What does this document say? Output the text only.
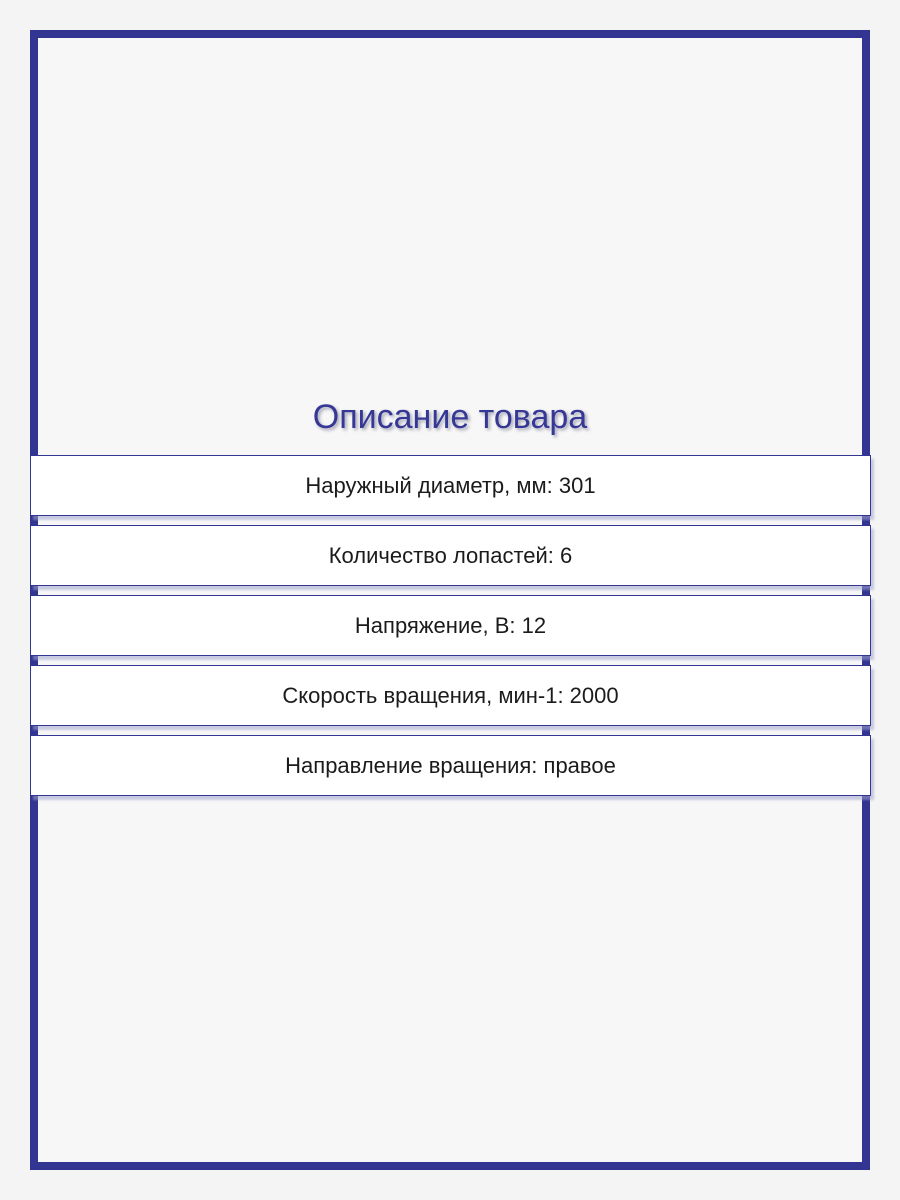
Описание товара
Наружный диаметр, мм: 301
Количество лопастей: 6
Напряжение, В: 12
Скорость вращения, мин-1: 2000
Направление вращения: правое
